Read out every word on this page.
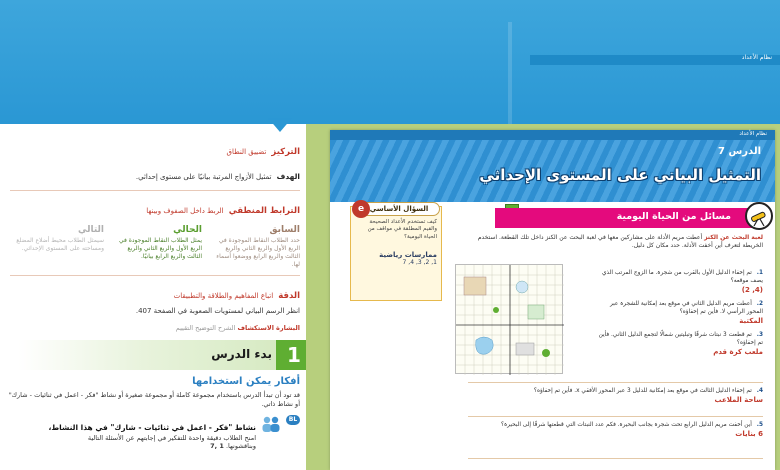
نظام الأعداد
التركيز تضييق النطاق
الهدف تمثيل الأزواج المرتبة بيانيًا على مستوى إحداثي.
الترابط المنطقي الربط داخل الصفوف وبينها
السابق

حدد الطلاب النقاط الموجودة في الربع الأول والربع الثاني والربع الثالث والربع الرابع ووضعوا أسماء لها.

الحالي

يمثل الطلاب النقاط الموجودة في الربع الأول والربع الثاني والربع الثالث والربع الرابع بيانيًا.

التالي

سيمثل الطلاب محيط أضلاع المضلع ومساحته على المستوى الإحداثي.

الدقة اتباع المفاهيم والطلاقة والتطبيقات
انظر الرسم البياني لمستويات الصعوبة في الصفحة 407.
البشارة الاستكشاف الشرح التوضيح التقييم
بدء الدرس 1
أفكار يمكن استخدامها

قد تود أن تبدأ الدرس باستخدام مجموعة كاملة أو مجموعة صغيرة أو نشاط "فكر - اعمل في ثنائيات - شارك" أو نشاط ذاتي.

BL
نشاط "فكر - اعمل في ثنائيات - شارك" في هذا النشاط،
امنح الطلاب دقيقة واحدة للتفكير في إجابتهم عن الأسئلة التالية
وبناقشونها. 1 ,7
نظام الأعداد
الدرس 7
التمثيل البياني على المستوى الإحداثي
مسائل من الحياة اليومية

كيف تستخدم الأعداد الصحيحة والقيم المطلقة في مواقف من الحياة اليومية؟

ممارسات رياضية
1, 2, 3, 4, 7
السؤال الأساسي
e
لعبة البحث عن الكنز أعطت مريم الأدلة على مشاركين معها في لعبة البحث عن الكنز داخل تلك القطعة. استخدم الخريطة لتعرف أين أخفت الأدلة. حدد مكان كل دليل.
1. تم إخفاء الدليل الأول بالقرب من شجرة. ما الزوج المرتب الذي يصف موقعه؟
(4, 2)
2. أعطت مريم الدليل الثاني في موقع بعد إمكانية للشجرة عبر المحور الرأسي لا. فأين تم إخفاؤه؟
المكتبة
3. تم قطعت 3 نبتات شرقًا وتبليتين شمالًا لتجمع الدليل الثاني. فأين تم إخفاؤه؟
ملعب كرة قدم
4. تم إخفاء الدليل الثالث في موقع بعد إمكانية للدليل 3 عبر المحور الأفقي x. فأين تم إخفاؤه؟
ساحة الملاعب
5. أين أخفت مريم الدليل الرابع تحت شجرة بجانب البحيرة. فكم عدد النبتات التي قطعتها شرقًا إلى البحيرة؟
6 بنايات
